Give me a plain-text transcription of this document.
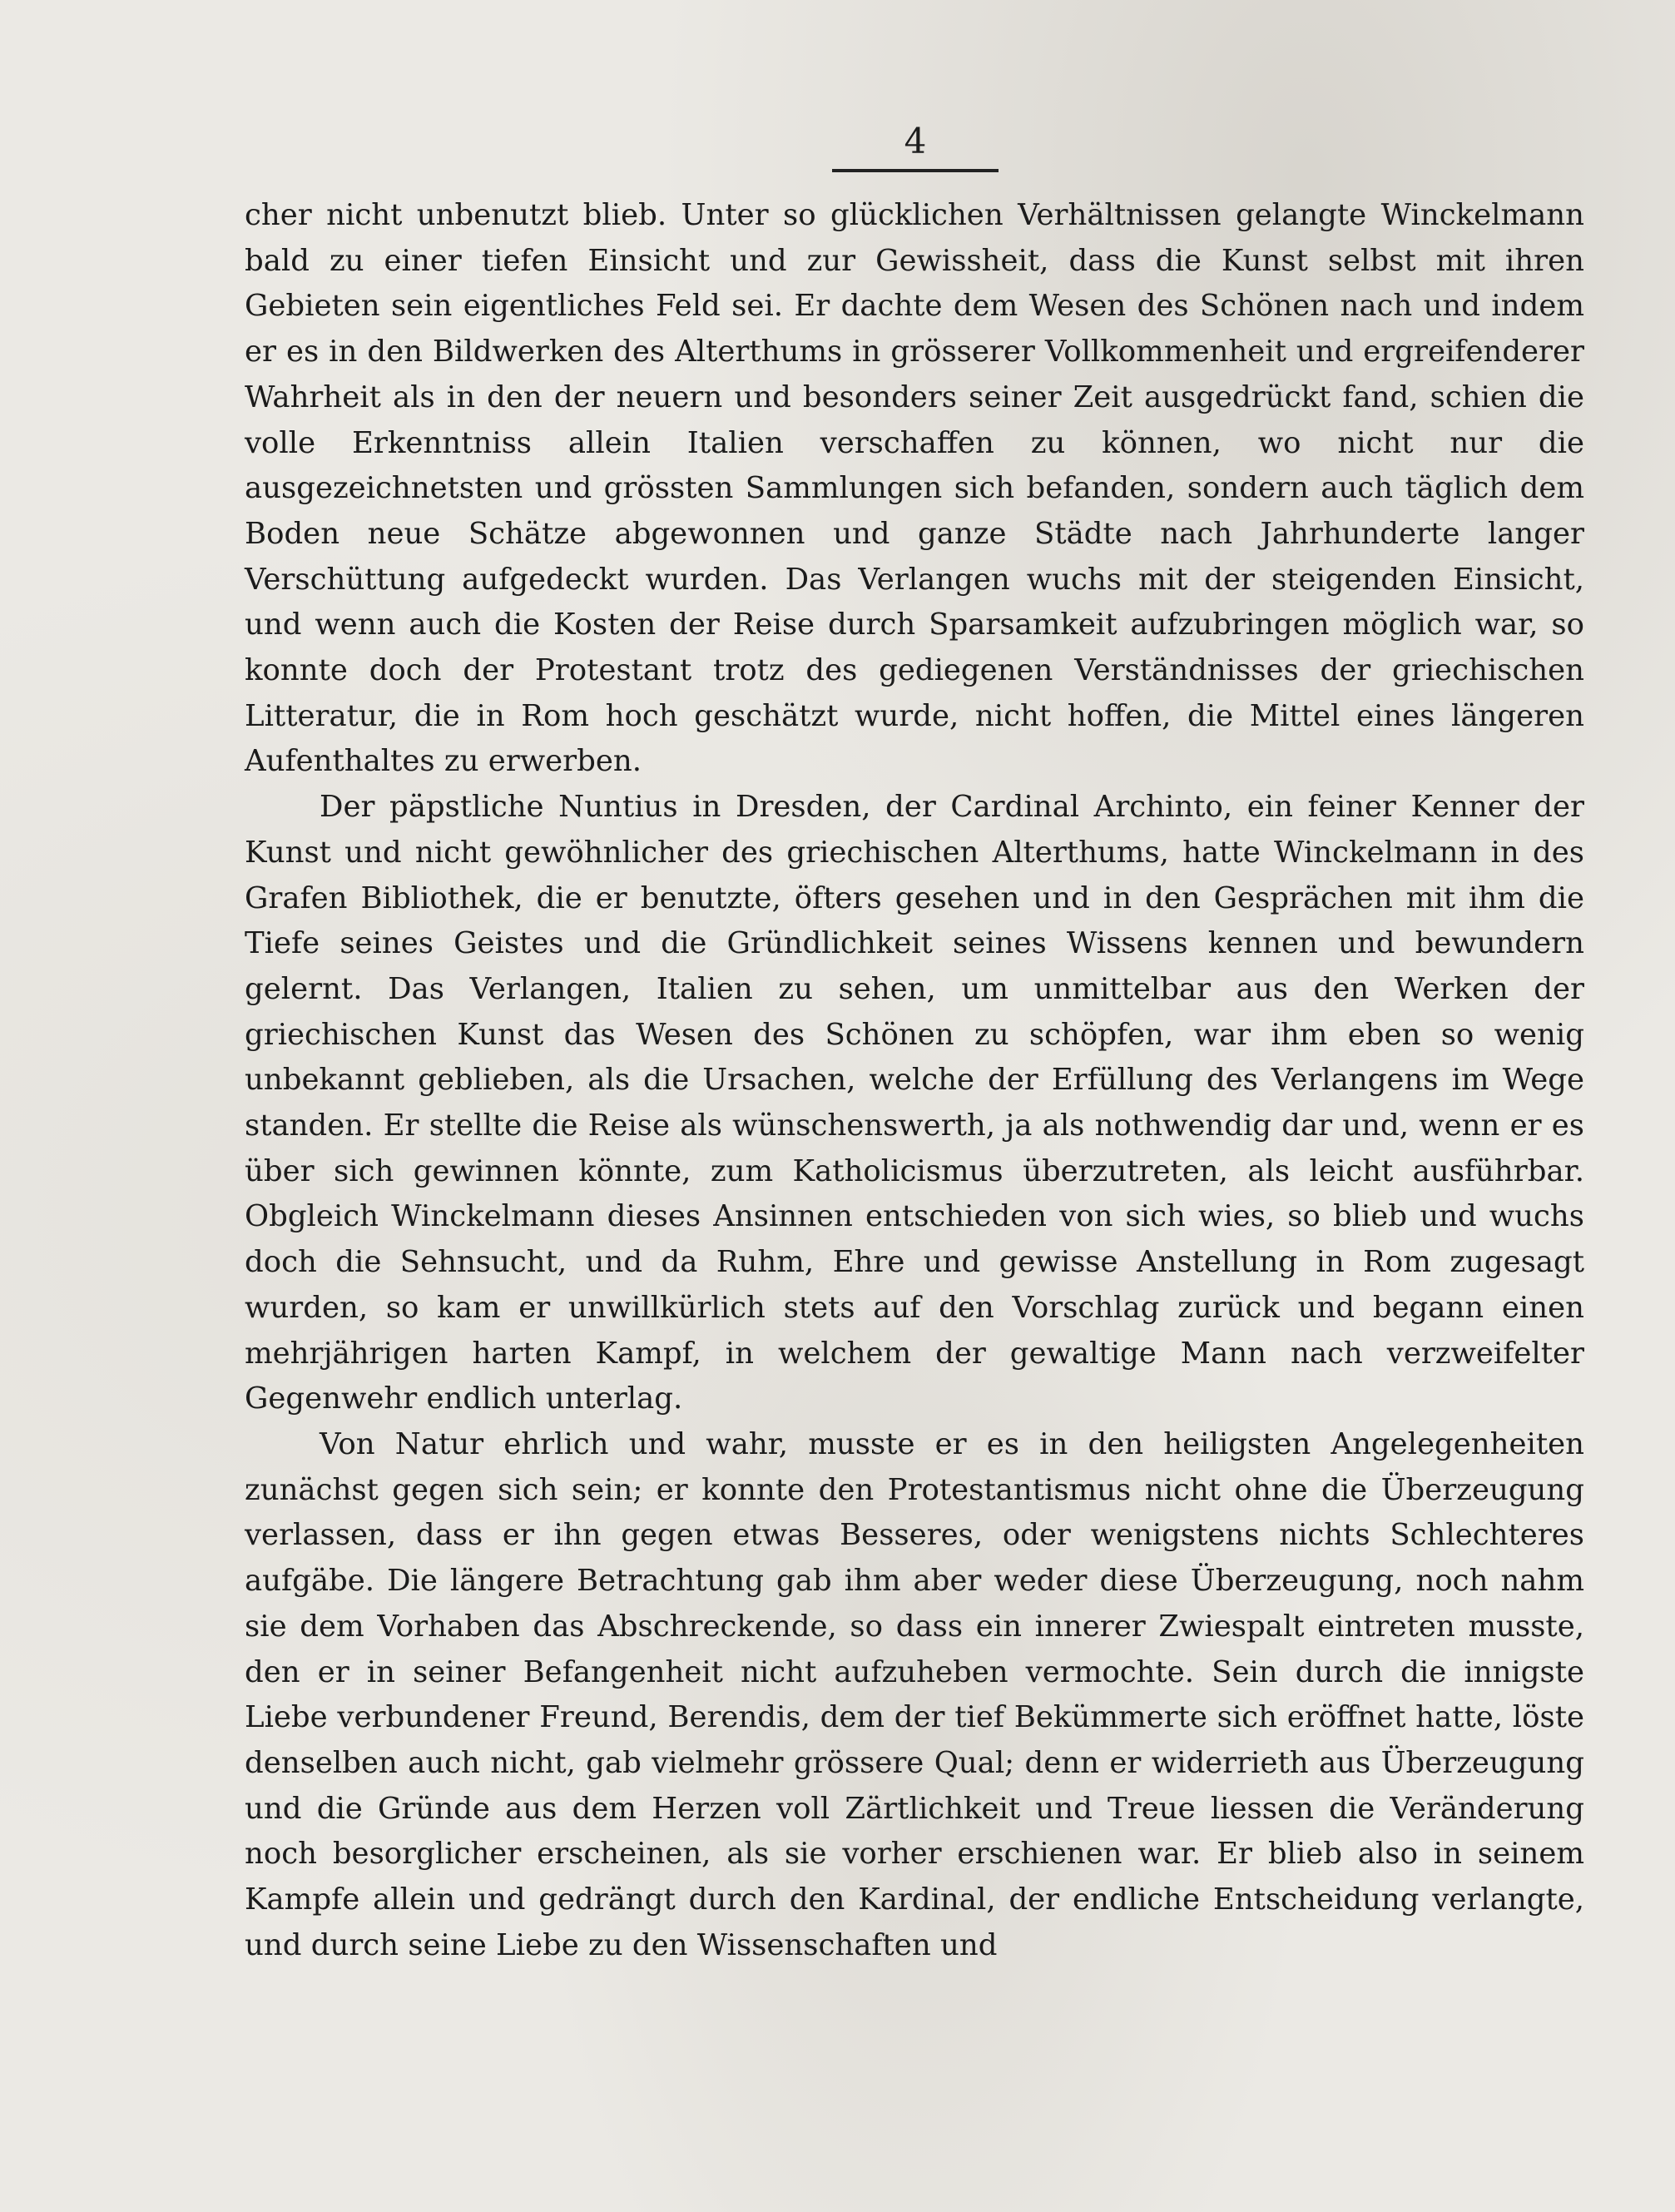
4

cher nicht unbenutzt blieb. Unter so glücklichen Verhältnissen gelangte Winckelmann bald zu einer tiefen Einsicht und zur Gewissheit, dass die Kunst selbst mit ihren Gebieten sein eigentliches Feld sei. Er dachte dem Wesen des Schönen nach und indem er es in den Bildwerken des Alterthums in grösserer Vollkommenheit und ergreifenderer Wahrheit als in den der neuern und besonders seiner Zeit ausgedrückt fand, schien die volle Erkenntniss allein Italien verschaffen zu können, wo nicht nur die ausgezeichnetsten und grössten Sammlungen sich befanden, sondern auch täglich dem Boden neue Schätze abgewonnen und ganze Städte nach Jahrhunderte langer Verschüttung aufgedeckt wurden. Das Verlangen wuchs mit der steigenden Einsicht, und wenn auch die Kosten der Reise durch Sparsamkeit aufzubringen möglich war, so konnte doch der Protestant trotz des gediegenen Verständnisses der griechischen Litteratur, die in Rom hoch geschätzt wurde, nicht hoffen, die Mittel eines längeren Aufenthaltes zu erwerben.

Der päpstliche Nuntius in Dresden, der Cardinal Archinto, ein feiner Kenner der Kunst und nicht gewöhnlicher des griechischen Alterthums, hatte Winckelmann in des Grafen Bibliothek, die er benutzte, öfters gesehen und in den Gesprächen mit ihm die Tiefe seines Geistes und die Gründlichkeit seines Wissens kennen und bewundern gelernt. Das Verlangen, Italien zu sehen, um unmittelbar aus den Werken der griechischen Kunst das Wesen des Schönen zu schöpfen, war ihm eben so wenig unbekannt geblieben, als die Ursachen, welche der Erfüllung des Verlangens im Wege standen. Er stellte die Reise als wünschenswerth, ja als nothwendig dar und, wenn er es über sich gewinnen könnte, zum Katholicismus überzutreten, als leicht ausführbar. Obgleich Winckelmann dieses Ansinnen entschieden von sich wies, so blieb und wuchs doch die Sehnsucht, und da Ruhm, Ehre und gewisse Anstellung in Rom zugesagt wurden, so kam er unwillkürlich stets auf den Vorschlag zurück und begann einen mehrjährigen harten Kampf, in welchem der gewaltige Mann nach verzweifelter Gegenwehr endlich unterlag.

Von Natur ehrlich und wahr, musste er es in den heiligsten Angelegenheiten zunächst gegen sich sein; er konnte den Protestantismus nicht ohne die Überzeugung verlassen, dass er ihn gegen etwas Besseres, oder wenigstens nichts Schlechteres aufgäbe. Die längere Betrachtung gab ihm aber weder diese Überzeugung, noch nahm sie dem Vorhaben das Abschreckende, so dass ein innerer Zwiespalt eintreten musste, den er in seiner Befangenheit nicht aufzuheben vermochte. Sein durch die innigste Liebe verbundener Freund, Berendis, dem der tief Bekümmerte sich eröffnet hatte, löste denselben auch nicht, gab vielmehr grössere Qual; denn er widerrieth aus Überzeugung und die Gründe aus dem Herzen voll Zärtlichkeit und Treue liessen die Veränderung noch besorglicher erscheinen, als sie vorher erschienen war. Er blieb also in seinem Kampfe allein und gedrängt durch den Kardinal, der endliche Entscheidung verlangte, und durch seine Liebe zu den Wissenschaften und
